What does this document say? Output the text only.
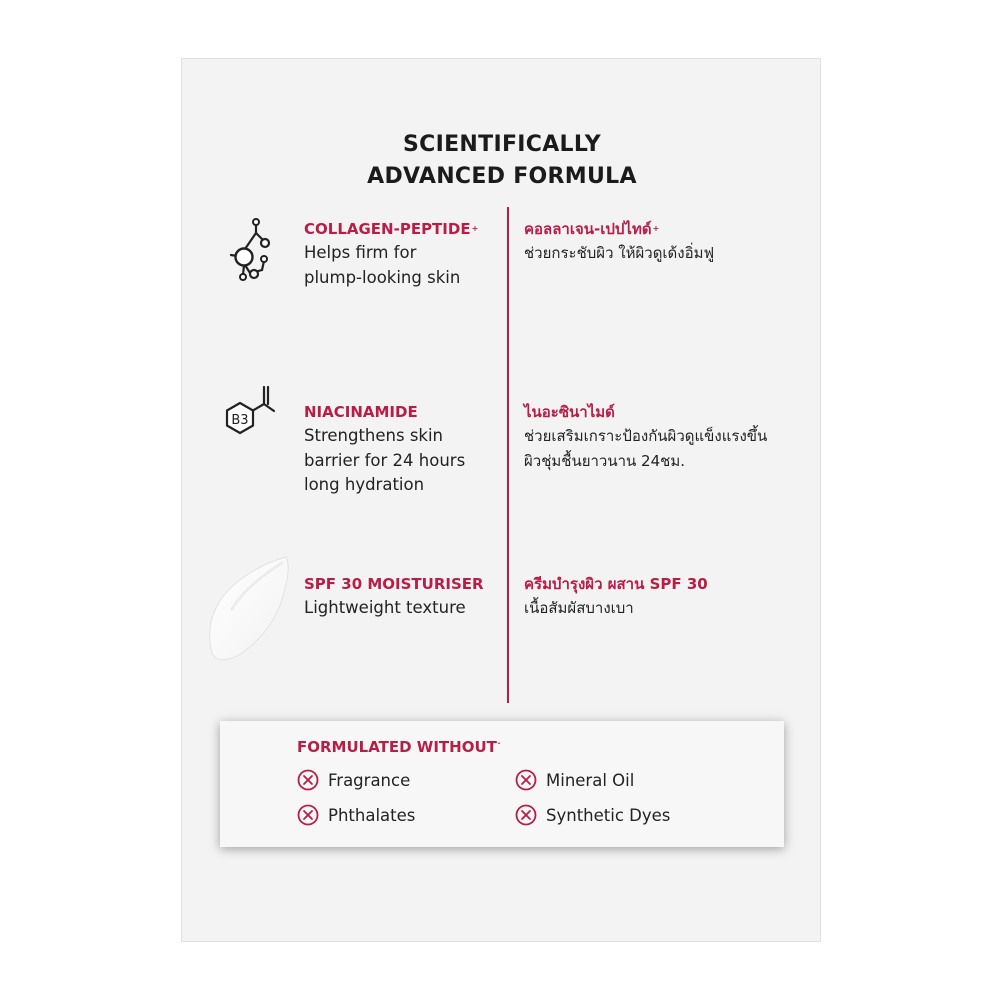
SCIENTIFICALLY
ADVANCED FORMULA
COLLAGEN-PEPTIDE+
Helps firm for
plump-looking skin
คอลลาเจน-เปปไทด์+
ช่วยกระชับผิว ให้ผิวดูเด้งอิ่มฟู
B3	NIACINAMIDE
Strengthens skin
barrier for 24 hours
long hydration
ไนอะซินาไมด์
ช่วยเสริมเกราะป้องกันผิวดูแข็งแรงขึ้น
ผิวชุ่มชื้นยาวนาน 24ชม.
SPF 30 MOISTURISER
Lightweight texture
ครีมบำรุงผิว ผสาน SPF 30
เนื้อสัมผัสบางเบา
FORMULATED $WITHOUT^ˇ$
Fragrance	Mineral Oil
Phthalates	Synthetic Dyes
